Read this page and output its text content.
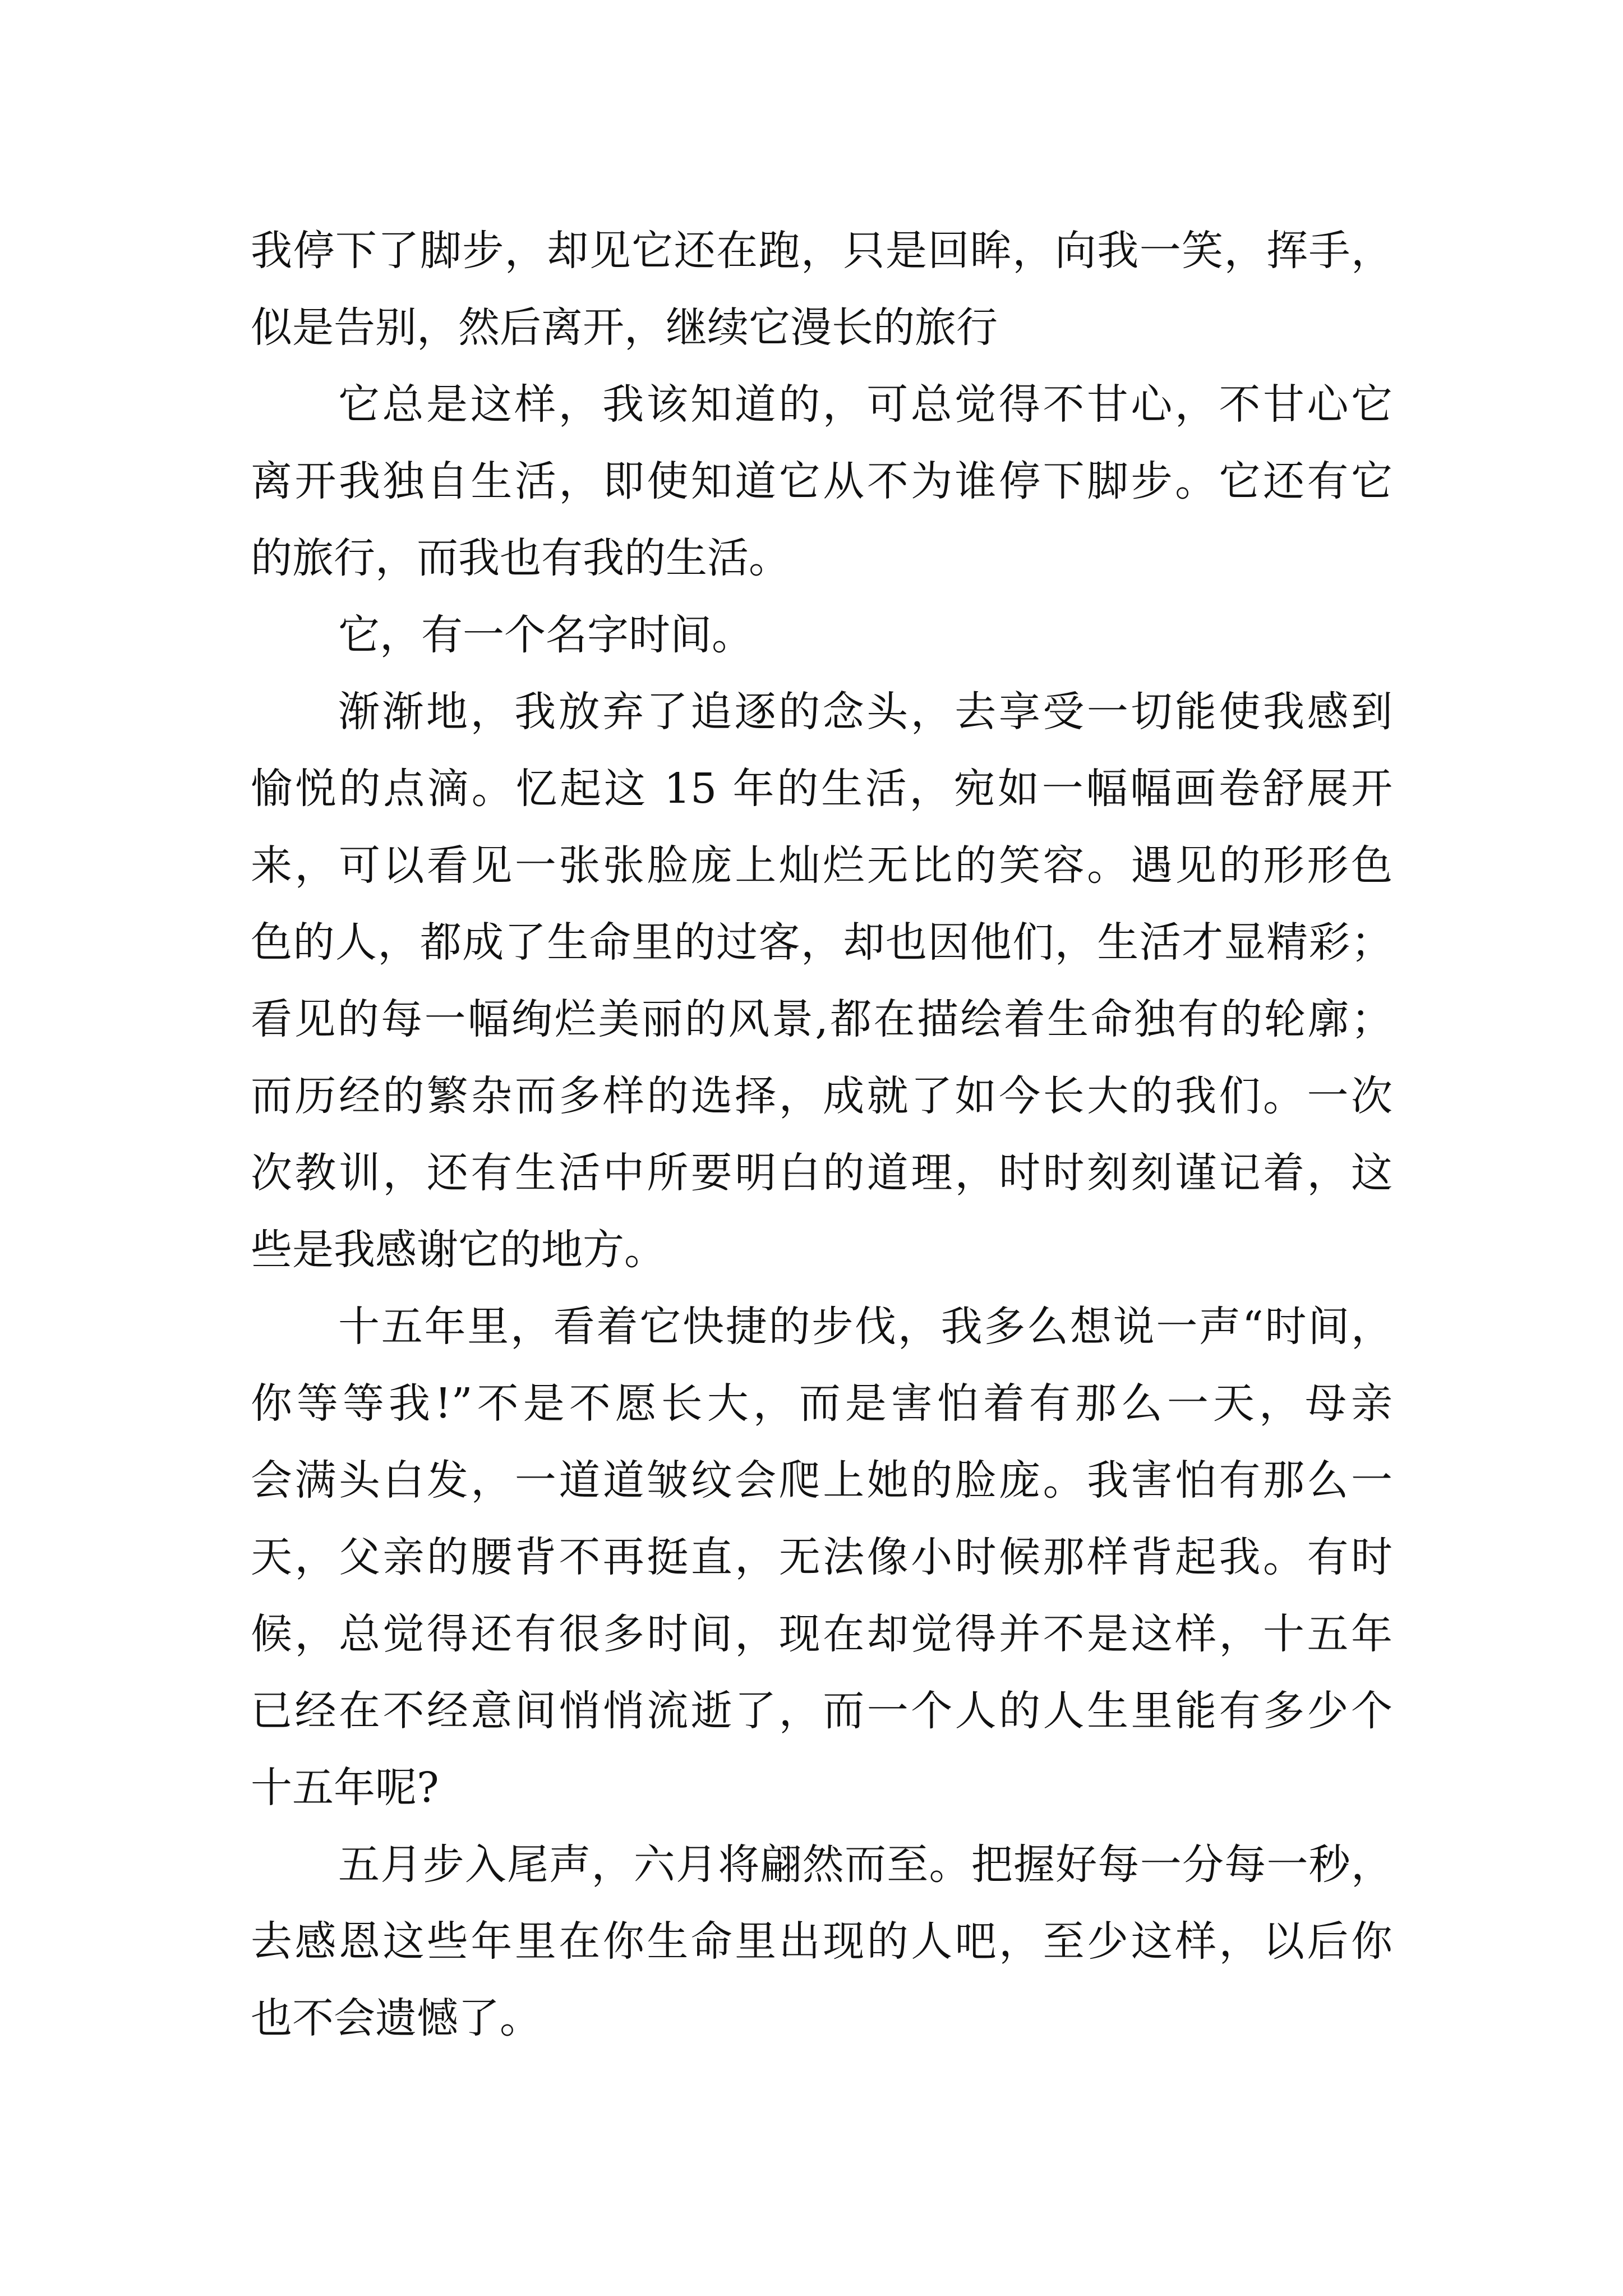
我停下了脚步，却见它还在跑，只是回眸，向我一笑，挥手，
似是告别，然后离开，继续它漫长的旅行
它总是这样，我该知道的，可总觉得不甘心，不甘心它
离开我独自生活，即使知道它从不为谁停下脚步。它还有它
的旅行，而我也有我的生活。
它，有一个名字时间。
渐渐地，我放弃了追逐的念头，去享受一切能使我感到
愉悦的点滴。忆起这 15 年的生活，宛如一幅幅画卷舒展开
来，可以看见一张张脸庞上灿烂无比的笑容。遇见的形形色
色的人，都成了生命里的过客，却也因他们，生活才显精彩；
看见的每一幅绚烂美丽的风景,都在描绘着生命独有的轮廓；
而历经的繁杂而多样的选择，成就了如今长大的我们。一次
次教训，还有生活中所要明白的道理，时时刻刻谨记着，这
些是我感谢它的地方。
十五年里，看着它快捷的步伐，我多么想说一声“时间，
你等等我!”不是不愿长大，而是害怕着有那么一天，母亲
会满头白发，一道道皱纹会爬上她的脸庞。我害怕有那么一
天，父亲的腰背不再挺直，无法像小时候那样背起我。有时
候，总觉得还有很多时间，现在却觉得并不是这样，十五年
已经在不经意间悄悄流逝了，而一个人的人生里能有多少个
十五年呢?
五月步入尾声，六月将翩然而至。把握好每一分每一秒，
去感恩这些年里在你生命里出现的人吧，至少这样，以后你
也不会遗憾了。
